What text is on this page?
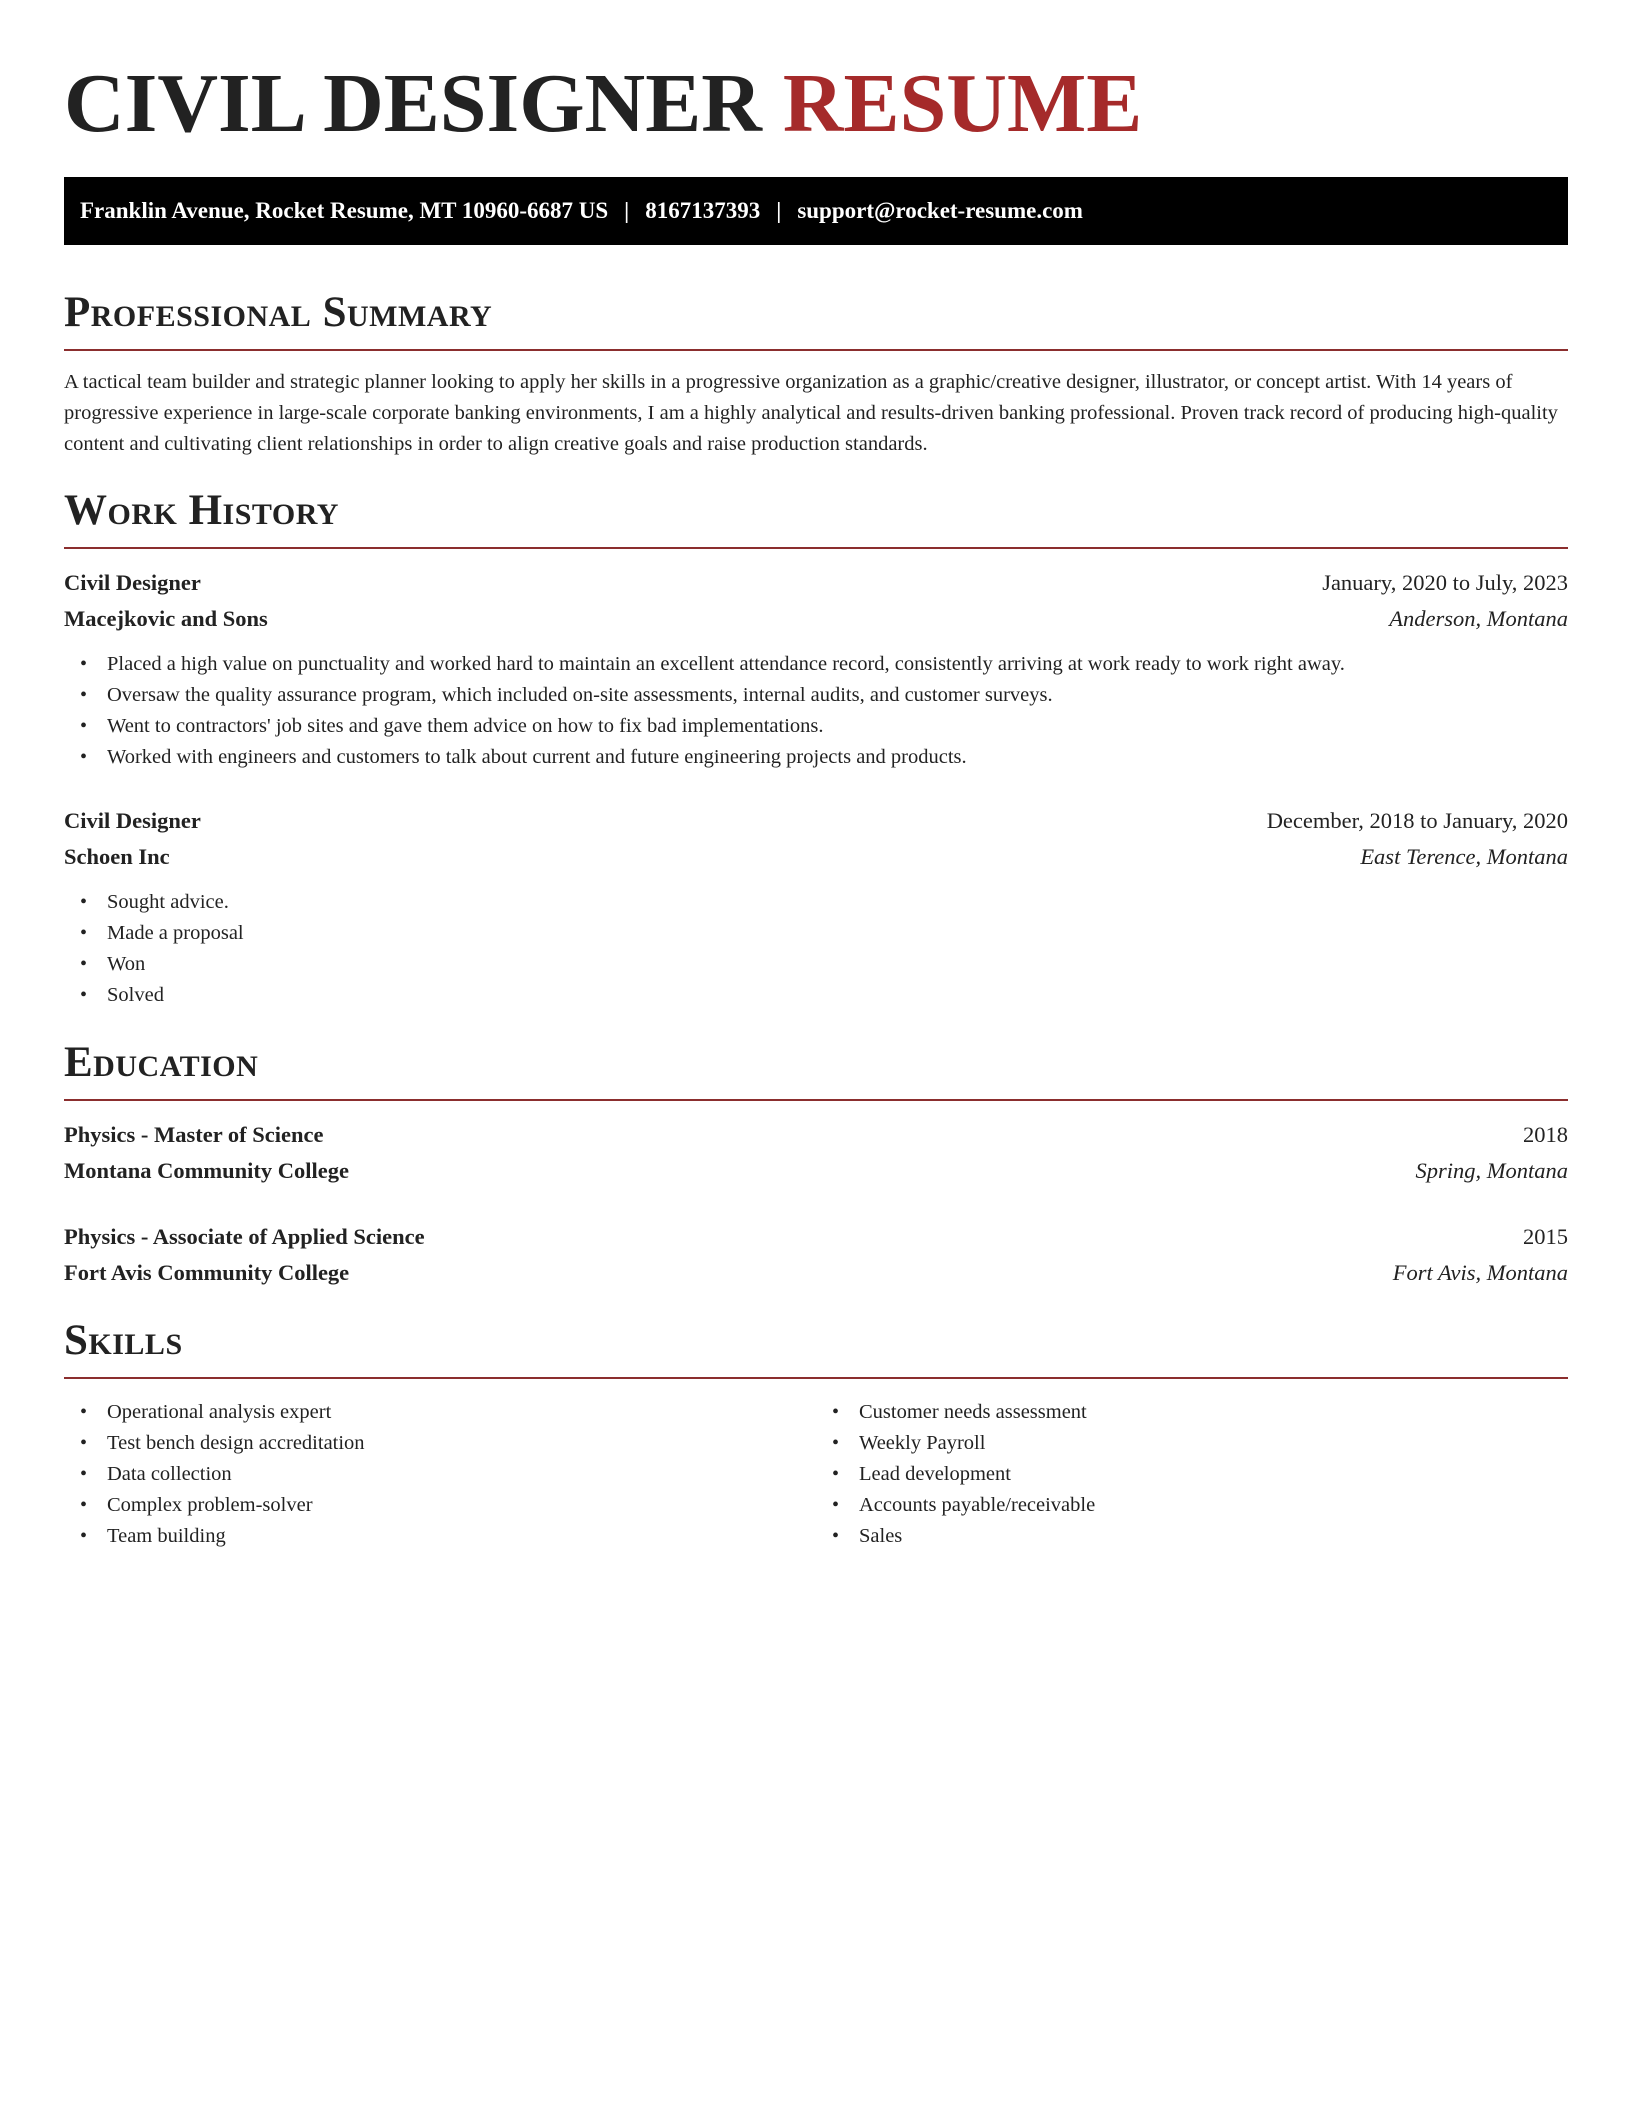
CIVIL DESIGNER RESUME
Franklin Avenue, Rocket Resume, MT 10960-6687 US | 8167137393 | support@rocket-resume.com
Professional Summary

A tactical team builder and strategic planner looking to apply her skills in a progressive organization as a graphic/creative designer, illustrator, or concept artist. With 14 years of progressive experience in large-scale corporate banking environments, I am a highly analytical and results-driven banking professional. Proven track record of producing high-quality content and cultivating client relationships in order to align creative goals and raise production standards.

Work History
Civil Designer	January, 2020 to July, 2023
Macejkovic and Sons	Anderson, Montana
• Placed a high value on punctuality and worked hard to maintain an excellent attendance record, consistently arriving at work ready to work right away.
• Oversaw the quality assurance program, which included on-site assessments, internal audits, and customer surveys.
• Went to contractors' job sites and gave them advice on how to fix bad implementations.
• Worked with engineers and customers to talk about current and future engineering projects and products.
Civil Designer	December, 2018 to January, 2020
Schoen Inc	East Terence, Montana
• Sought advice.
• Made a proposal
• Won
• Solved
Education
Physics - Master of Science	2018
Montana Community College	Spring, Montana
Physics - Associate of Applied Science	2015
Fort Avis Community College	Fort Avis, Montana
Skills
• Operational analysis expert
• Test bench design accreditation
• Data collection
• Complex problem-solver
• Team building
• Customer needs assessment
• Weekly Payroll
• Lead development
• Accounts payable/receivable
• Sales
